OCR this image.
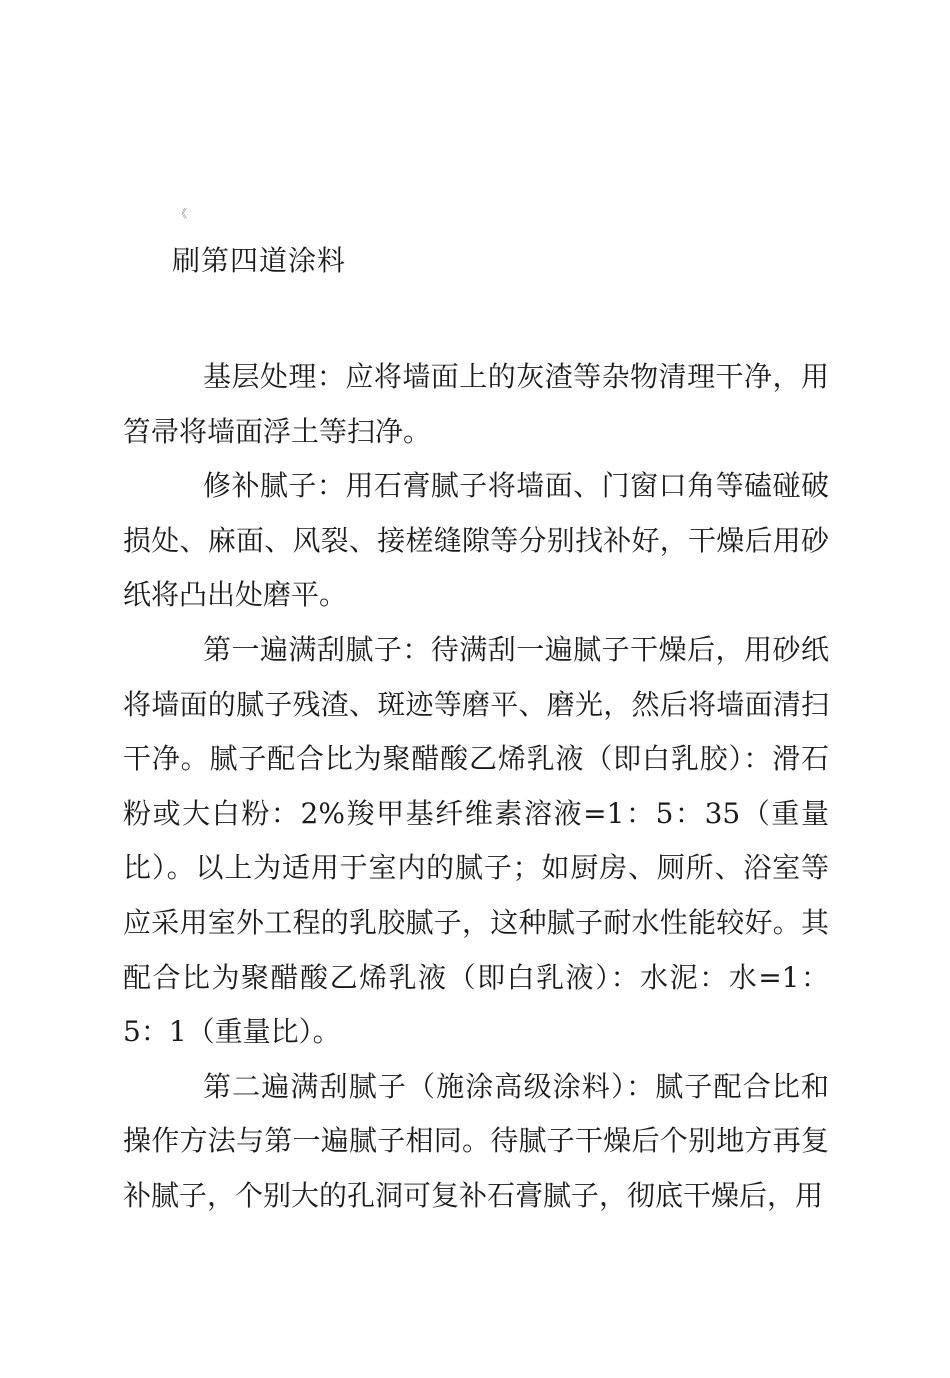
《
刷第四道涂料

基层处理：应将墙面上的灰渣等杂物清理干净，用笤帚将墙面浮土等扫净。

修补腻子：用石膏腻子将墙面、门窗口角等磕碰破损处、麻面、风裂、接槎缝隙等分别找补好，干燥后用砂纸将凸出处磨平。

第一遍满刮腻子：待满刮一遍腻子干燥后，用砂纸将墙面的腻子残渣、斑迹等磨平、磨光，然后将墙面清扫干净。腻子配合比为聚醋酸乙烯乳液（即白乳胶）：滑石粉或大白粉：2%羧甲基纤维素溶液=1：5：35（重量比）。以上为适用于室内的腻子；如厨房、厕所、浴室等应采用室外工程的乳胶腻子，这种腻子耐水性能较好。其配合比为聚醋酸乙烯乳液（即白乳液）：水泥：水=1：5：1（重量比）。

第二遍满刮腻子（施涂高级涂料）：腻子配合比和操作方法与第一遍腻子相同。待腻子干燥后个别地方再复补腻子，个别大的孔洞可复补石膏腻子，彻底干燥后，用
